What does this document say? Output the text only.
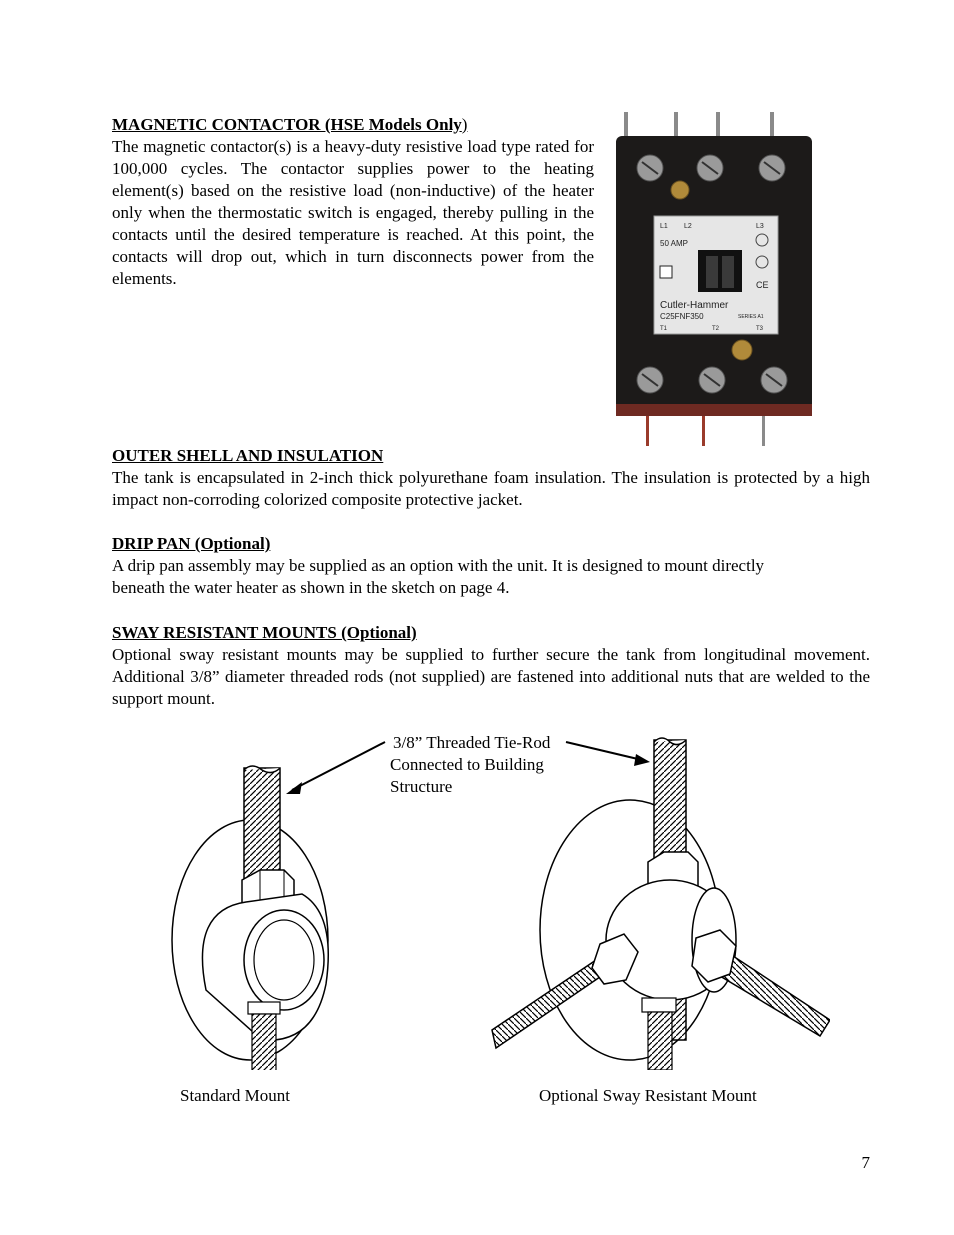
MAGNETIC CONTACTOR (HSE Models Only)

The magnetic contactor(s) is a heavy-duty resistive load type rated for 100,000 cycles. The contactor supplies power to the heating element(s) based on the resistive load (non-inductive) of the heater only when the thermostatic switch is engaged, thereby pulling in the contacts until the desired temperature is reached. At this point, the contacts will drop out, which in turn disconnects power from the elements.

L1 L2	L3
50 AMP
CE
Cutler-Hammer
C25FNF350	SERIES A1
T1	T2	T3

OUTER SHELL AND INSULATION

The tank is encapsulated in 2-inch thick polyurethane foam insulation. The insulation is protected by a high impact non-corroding colorized composite protective jacket.

DRIP PAN (Optional)

A drip pan assembly may be supplied as an option with the unit. It is designed to mount directly
beneath the water heater as shown in the sketch on page 4.

SWAY RESISTANT MOUNTS (Optional)

Optional sway resistant mounts may be supplied to further secure the tank from longitudinal movement. Additional 3/8” diameter threaded rods (not supplied) are fastened into additional nuts that are welded to the support mount.

3/8” Threaded Tie-Rod

Connected to Building

Structure

Standard Mount	Optional Sway Resistant Mount

7
